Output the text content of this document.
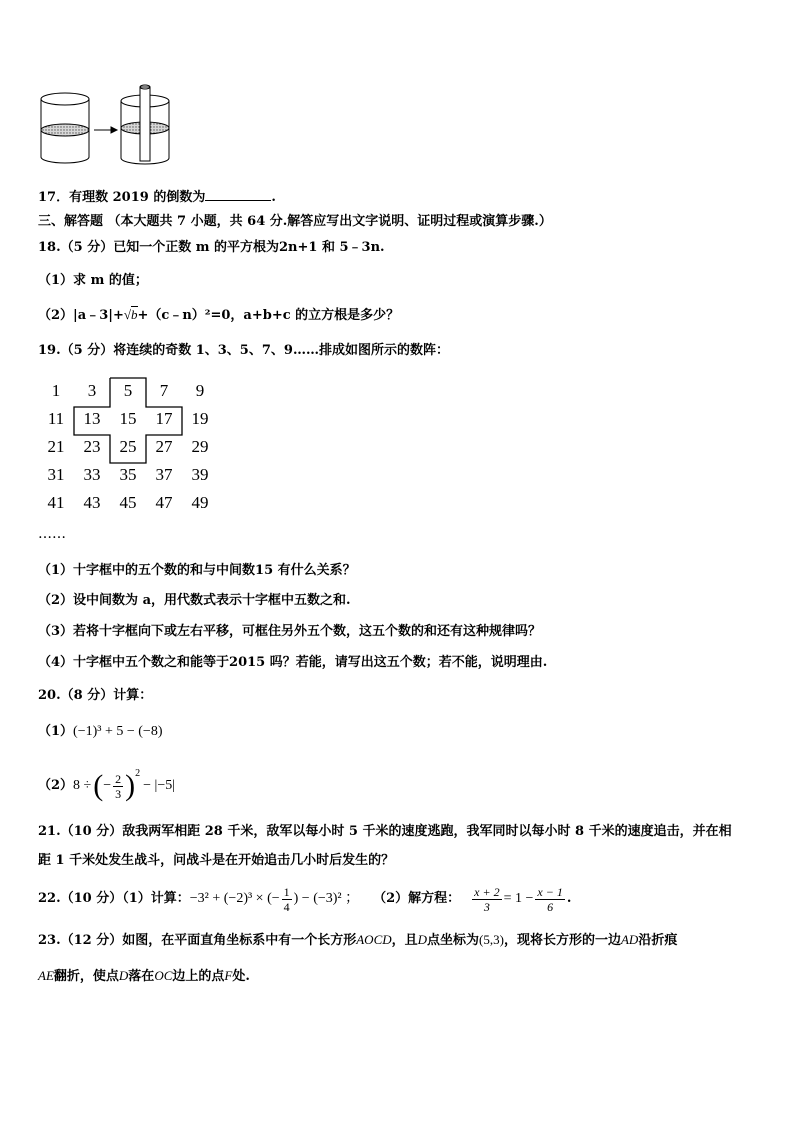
17．有理数 2019 的倒数为	.
三、解答题 （本大题共 7 小题，共 64 分.解答应写出文字说明、证明过程或演算步骤.）
18.（5 分）已知一个正数 m 的平方根为2n+1 和 5﹣3n.
（1）求 m 的值；
（2）|a﹣3|+√b+（c﹣n）²=0，a+b+c 的立方根是多少？
19.（5 分）将连续的奇数 1、3、5、7、9……排成如图所示的数阵：
1	3	5	7	9
11	13	15	17	19
21	23	25	27	29
31	33	35	37	39
41	43	45	47	49
……
（1）十字框中的五个数的和与中间数15 有什么关系？
（2）设中间数为 a，用代数式表示十字框中五数之和.
（3）若将十字框向下或左右平移，可框住另外五个数，这五个数的和还有这种规律吗？
（4）十字框中五个数之和能等于2015 吗？若能，请写出这五个数；若不能，说明理由.
20.（8 分）计算：
（1）(−1)³ + 5 − (−8)
（2） 8 ÷ ( − $\frac{2}{3}$ ) 2
− |−5|
21.（10 分）敌我两军相距 28 千米，敌军以每小时 5 千米的速度逃跑，我军同时以每小时 8 千米的速度追击，并在相
距 1 千米处发生战斗，问战斗是在开始追击几小时后发生的？
22.（10 分）（1）计算： −3² + (−2)³ × (− $\frac{1}{4}$ ) − (−3)² ； （2）解方程： $\frac{x + 2}{3} = 1 - \frac{x - 1}{6}$ .
23.（12 分）如图，在平面直角坐标系中有一个长方形AOCD，且D点坐标为(5,3)，现将长方形的一边AD沿折痕
AE翻折，使点D落在OC边上的点F处.
